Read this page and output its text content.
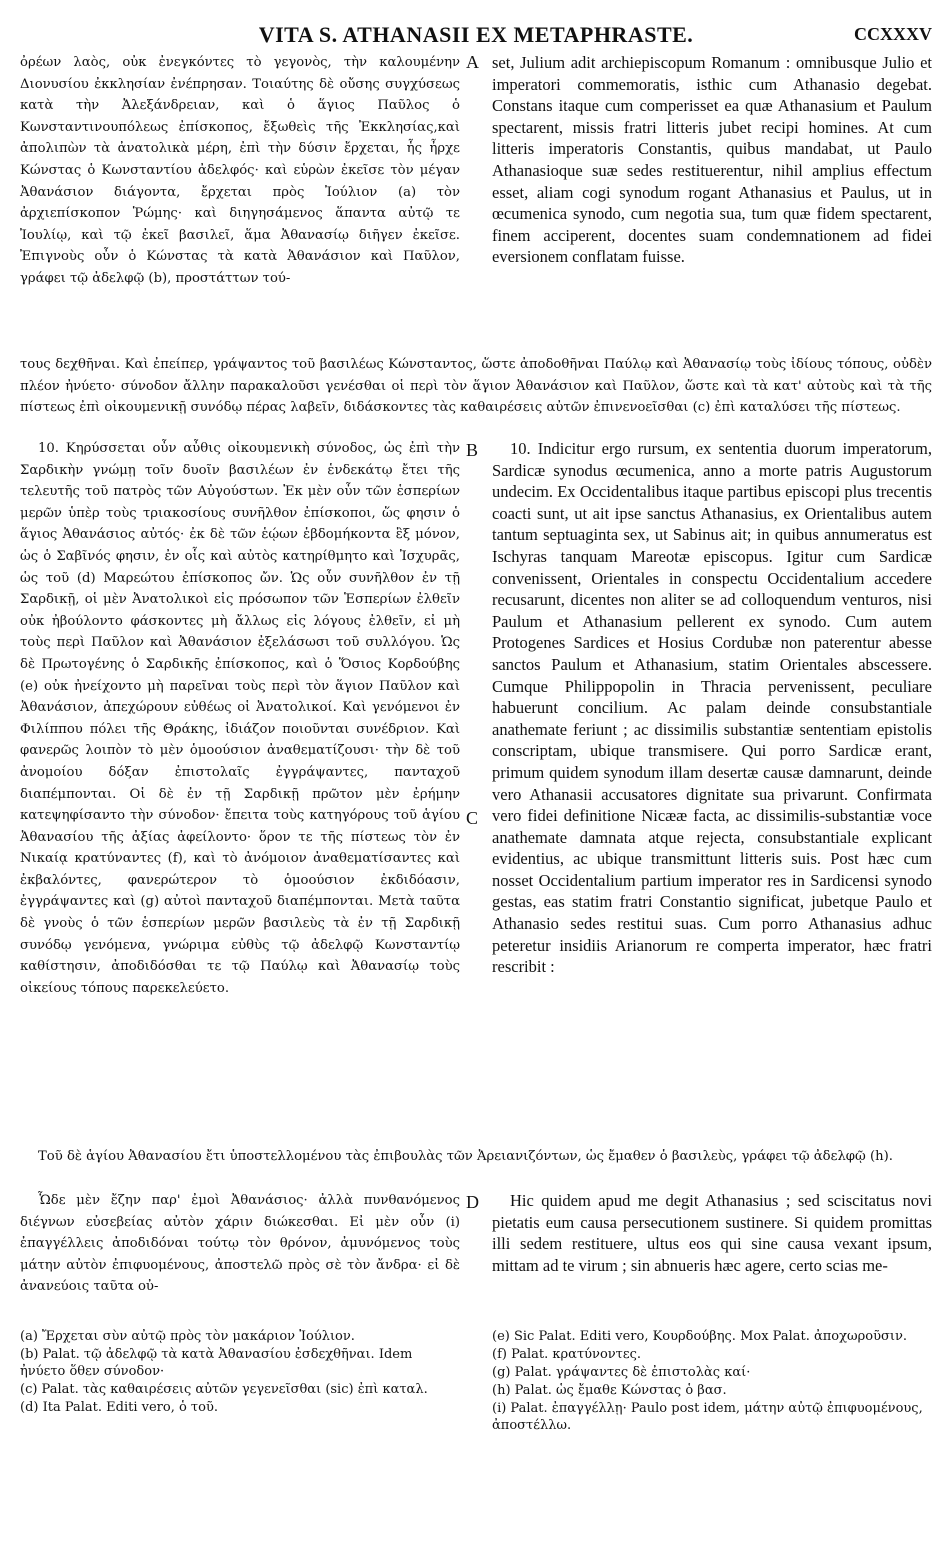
VITA S. ATHANASII EX METAPHRASTE.	CCXXXV

ὀρέων λαὸς, οὐκ ἐνεγκόντες τὸ γεγονὸς, τὴν καλουμένην Διονυσίου ἐκκλησίαν ἐνέπρησαν. Τοιαύτης δὲ οὔσης συγχύσεως κατὰ τὴν Ἀλεξάνδρειαν, καὶ ὁ ἅγιος Παῦλος ὁ Κωνσταντινουπόλεως ἐπίσκοπος, ἔξωθεὶς τῆς Ἐκκλησίας,καὶ ἀπολιπὼν τὰ ἀνατολικὰ μέρη, ἐπὶ τὴν δύσιν ἔρχεται, ἧς ἦρχε Κώνστας ὁ Κωνσταντίου ἀδελφός· καὶ εὑρὼν ἐκεῖσε τὸν μέγαν Ἀθανάσιον διάγοντα, ἔρχεται πρὸς Ἰούλιον (a) τὸν ἀρχιεπίσκοπον Ῥώμης· καὶ διηγησάμενος ἅπαντα αὐτῷ τε Ἰουλίῳ, καὶ τῷ ἐκεῖ βασιλεῖ, ἅμα Ἀθανασίῳ διῆγεν ἐκεῖσε. Ἐπιγνοὺς οὖν ὁ Κώνστας τὰ κατὰ Ἀθανάσιον καὶ Παῦλον, γράφει τῷ ἀδελφῷ (b), προστάττων τού-

A set, Julium adit archiepiscopum Romanum : omnibusque Julio et imperatori commemoratis, isthic cum Athanasio degebat. Constans itaque cum comperisset ea quæ Athanasium et Paulum spectarent, missis fratri litteris jubet recipi homines. At cum litteris imperatoris Constantis, quibus mandabat, ut Paulo Athanasioque suæ sedes restituerentur, nihil amplius effectum esset, aliam cogi synodum rogant Athanasius et Paulus, ut in œcumenica synodo, cum negotia sua, tum quæ fidem spectarent, finem acciperent, docentes suam condemnationem ad fidei eversionem conflatam fuisse.

τους δεχθῆναι. Καὶ ἐπείπερ, γράψαντος τοῦ βασιλέως Κώνσταντος, ὥστε ἀποδοθῆναι Παύλῳ καὶ Ἀθανασίῳ τοὺς ἰδίους τόπους, οὐδὲν πλέον ἠνύετο· σύνοδον ἄλλην παρακαλοῦσι γενέσθαι οἱ περὶ τὸν ἅγιον Ἀθανάσιον καὶ Παῦλον, ὥστε καὶ τὰ κατ' αὐτοὺς καὶ τὰ τῆς πίστεως ἐπὶ οἰκουμενικῇ συνόδῳ πέρας λαβεῖν, διδάσκοντες τὰς καθαιρέσεις αὐτῶν ἐπινενοεῖσθαι (c) ἐπὶ καταλύσει τῆς πίστεως.

10. Κηρύσσεται οὖν αὖθις οἰκουμενικὴ σύνοδος, ὡς ἐπὶ τὴν Σαρδικὴν γνώμῃ τοῖν δυοῖν βασιλέων ἐν ἑνδεκάτῳ ἔτει τῆς τελευτῆς τοῦ πατρὸς τῶν Αὐγούστων. Ἐκ μὲν οὖν τῶν ἑσπερίων μερῶν ὑπὲρ τοὺς τριακοσίους συνῆλθον ἐπίσκοποι, ὥς φησιν ὁ ἅγιος Ἀθανάσιος αὐτός· ἐκ δὲ τῶν ἑῴων ἑβδομήκοντα ἓξ μόνον, ὡς ὁ Σαβῖνός φησιν, ἐν οἷς καὶ αὐτὸς κατηρίθμητο καὶ Ἰσχυρᾶς, ὡς τοῦ (d) Μαρεώτου ἐπίσκοπος ὤν. Ὡς οὖν συνῆλθον ἐν τῇ Σαρδικῇ, οἱ μὲν Ἀνατολικοὶ εἰς πρόσωπον τῶν Ἑσπερίων ἐλθεῖν οὐκ ἠβούλοντο φάσκοντες μὴ ἄλλως εἰς λόγους ἐλθεῖν, εἰ μὴ τοὺς περὶ Παῦλον καὶ Ἀθανάσιον ἐξελάσωσι τοῦ συλλόγου. Ὡς δὲ Πρωτογένης ὁ Σαρδικῆς ἐπίσκοπος, καὶ ὁ Ὅσιος Κορδούβης (e) οὐκ ἠνείχοντο μὴ παρεῖναι τοὺς περὶ τὸν ἅγιον Παῦλον καὶ Ἀθανάσιον, ἀπεχώρουν εὐθέως οἱ Ἀνατολικοί. Καὶ γενόμενοι ἐν Φιλίππου πόλει τῆς Θράκης, ἰδιάζον ποιοῦνται συνέδριον. Καὶ φανερῶς λοιπὸν τὸ μὲν ὁμοούσιον ἀναθεματίζουσι· τὴν δὲ τοῦ ἀνομοίου δόξαν ἐπιστολαῖς ἐγγράψαντες, πανταχοῦ διαπέμπονται. Οἱ δὲ ἐν τῇ Σαρδικῇ πρῶτον μὲν ἐρήμην κατεψηφίσαντο τὴν σύνοδον· ἔπειτα τοὺς κατηγόρους τοῦ ἁγίου Ἀθανασίου τῆς ἀξίας ἀφείλοντο· ὅρον τε τῆς πίστεως τὸν ἐν Νικαίᾳ κρατύναντες (f), καὶ τὸ ἀνόμοιον ἀναθεματίσαντες καὶ ἐκβαλόντες, φανερώτερον τὸ ὁμοούσιον ἐκδιδόασιν, ἐγγράψαντες καὶ (g) αὐτοὶ πανταχοῦ διαπέμπονται. Μετὰ ταῦτα δὲ γνοὺς ὁ τῶν ἑσπερίων μερῶν βασιλεὺς τὰ ἐν τῇ Σαρδικῇ συνόδῳ γενόμενα, γνώριμα εὐθὺς τῷ ἀδελφῷ Κωνσταντίῳ καθίστησιν, ἀποδιδόσθαι τε τῷ Παύλῳ καὶ Ἀθανασίῳ τοὺς οἰκείους τόπους παρεκελεύετο.

B
C

10. Indicitur ergo rursum, ex sententia duorum imperatorum, Sardicæ synodus œcumenica, anno a morte patris Augustorum undecim. Ex Occidentalibus itaque partibus episcopi plus trecentis coacti sunt, ut ait ipse sanctus Athanasius, ex Orientalibus autem tantum septuaginta sex, ut Sabinus ait; in quibus annumeratus est Ischyras tanquam Mareotæ episcopus. Igitur cum Sardicæ convenissent, Orientales in conspectu Occidentalium accedere recusarunt, dicentes non aliter se ad colloquendum venturos, nisi Paulum et Athanasium pellerent ex synodo. Cum autem Protogenes Sardices et Hosius Cordubæ non paterentur abesse sanctos Paulum et Athanasium, statim Orientales abscessere. Cumque Philippopolin in Thracia pervenissent, peculiare habuerunt concilium. Ac palam deinde consubstantiale anathemate feriunt ; ac dissimilis substantiæ sententiam epistolis conscriptam, ubique transmisere. Qui porro Sardicæ erant, primum quidem synodum illam desertæ causæ damnarunt, deinde vero Athanasii accusatores dignitate sua privarunt. Confirmata vero fidei definitione Nicææ facta, ac dissimilis-substantiæ voce anathemate damnata atque rejecta, consubstantiale explicant evidentius, ac ubique transmittunt litteris suis. Post hæc cum nosset Occidentalium partium imperator res in Sardicensi synodo gestas, eas statim fratri Constantio significat, jubetque Paulo et Athanasio sedes restitui suas. Cum porro Athanasius adhuc peteretur insidiis Arianorum re comperta imperator, hæc fratri rescribit :

Τοῦ δὲ ἁγίου Ἀθανασίου ἔτι ὑποστελλομένου τὰς ἐπιβουλὰς τῶν Ἀρειανιζόντων, ὡς ἔμαθεν ὁ βασιλεὺς, γράφει τῷ ἀδελφῷ (h).

Ὧδε μὲν ἔζην παρ' ἐμοὶ Ἀθανάσιος· ἀλλὰ πυνθανόμενος διέγνων εὐσεβείας αὐτὸν χάριν διώκεσθαι. Εἰ μὲν οὖν (i) ἐπαγγέλλεις ἀποδιδόναι τούτῳ τὸν θρόνον, ἀμυνόμενος τοὺς μάτην αὐτὸν ἐπιφυομένους, ἀποστελῶ πρὸς σὲ τὸν ἄνδρα· εἰ δὲ ἀνανεύοις ταῦτα οὐ-

D	Hic quidem apud me degit Athanasius ; sed sciscitatus novi pietatis eum causa persecutionem sustinere. Si quidem promittas illi sedem restituere, ultus eos qui sine causa vexant ipsum, mittam ad te virum ; sin abnueris hæc agere, certo scias me-

(a) Ἔρχεται σὺν αὐτῷ πρὸς τὸν μακάριον Ἰούλιον.

(b) Palat. τῷ ἀδελφῷ τὰ κατὰ Ἀθανασίου ἐσδεχθῆναι. Idem ἠνύετο ὅθεν σύνοδον·

(c) Palat. τὰς καθαιρέσεις αὐτῶν γεγενεῖσθαι (sic) ἐπὶ καταλ.

(d) Ita Palat. Editi vero, ὁ τοῦ.

(e) Sic Palat. Editi vero, Κουρδούβης. Mox Palat. ἀποχωροῦσιν.

(f) Palat. κρατύνοντες.

(g) Palat. γράψαντες δὲ ἐπιστολὰς καί·

(h) Palat. ὡς ἔμαθε Κώνστας ὁ βασ.

(i) Palat. ἐπαγγέλλῃ· Paulo post idem, μάτην αὐτῷ ἐπιφυομένους, ἀποστέλλω.
